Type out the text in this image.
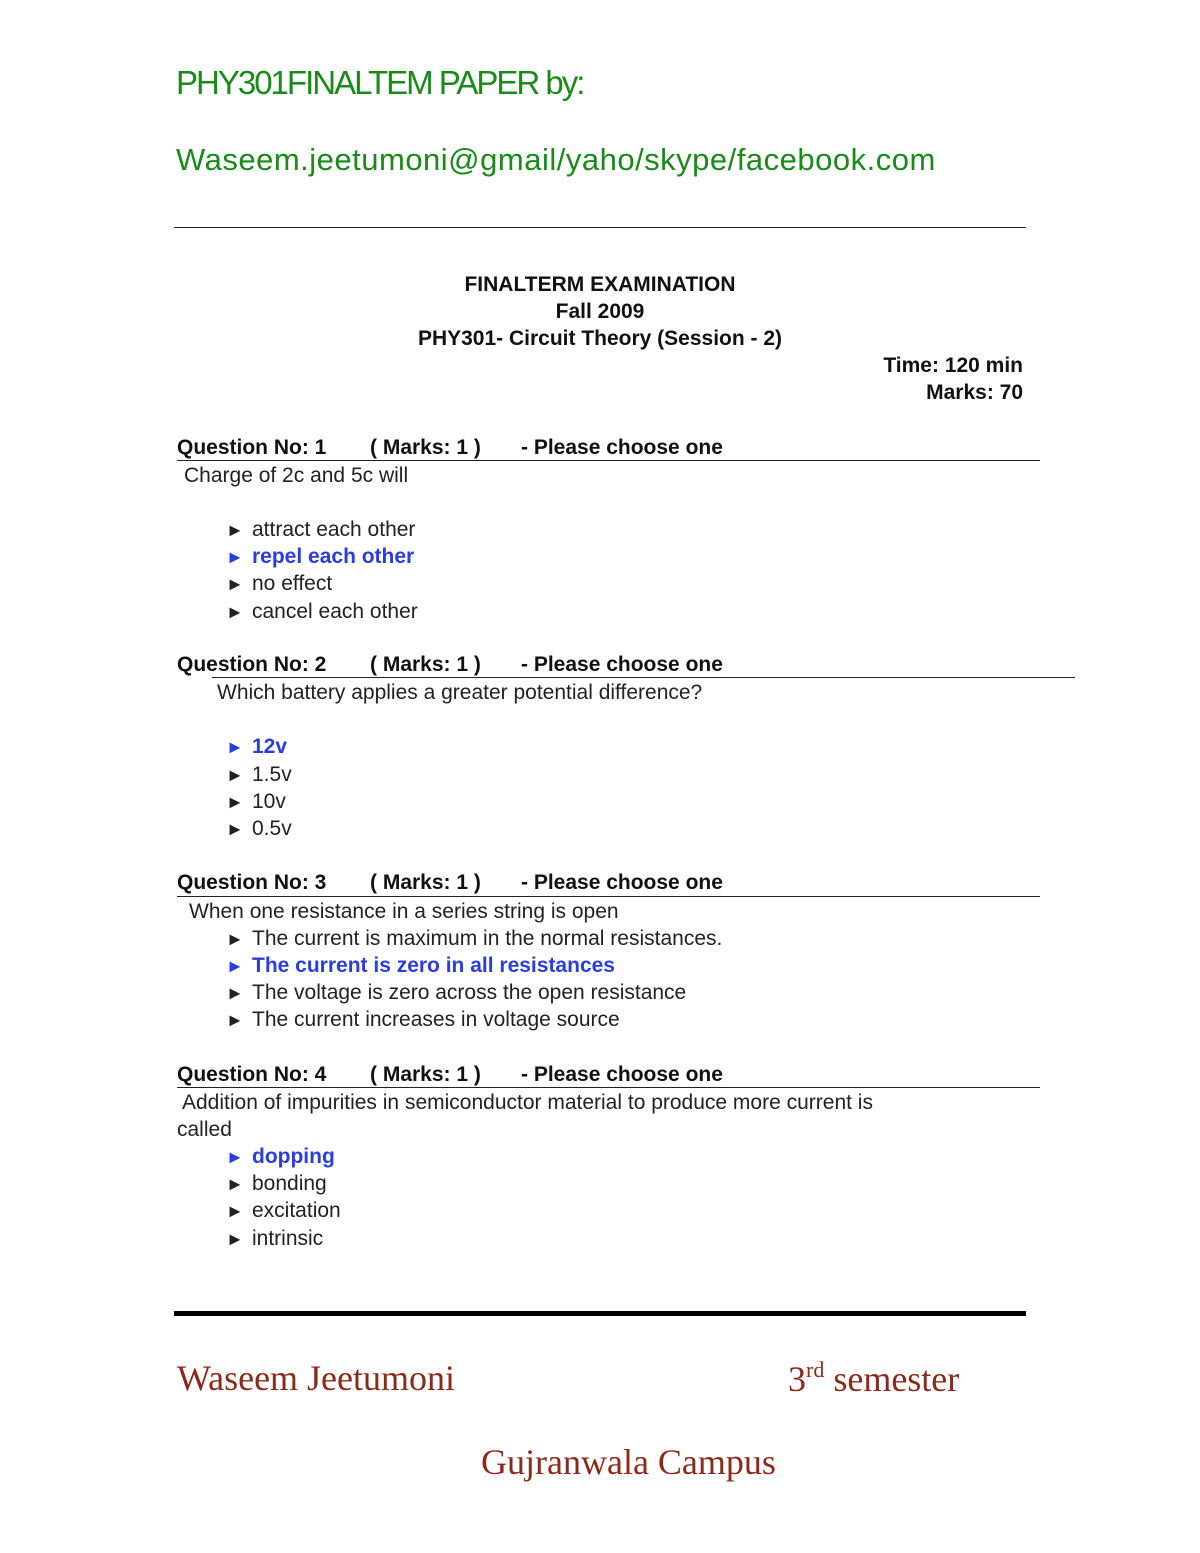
PHY301FINALTEM PAPER by:
Waseem.jeetumoni@gmail/yaho/skype/facebook.com
FINALTERM EXAMINATION
Fall 2009
PHY301- Circuit Theory (Session - 2)
Time: 120 min
Marks: 70
Question No: 1 ( Marks: 1 ) - Please choose one
Charge of 2c and 5c will
► attract each other
► repel each other
► no effect
► cancel each other
Question No: 2 ( Marks: 1 ) - Please choose one
Which battery applies a greater potential difference?
► 12v
► 1.5v
► 10v
► 0.5v
Question No: 3 ( Marks: 1 ) - Please choose one
When one resistance in a series string is open
► The current is maximum in the normal resistances.
► The current is zero in all resistances
► The voltage is zero across the open resistance
► The current increases in voltage source
Question No: 4 ( Marks: 1 ) - Please choose one
Addition of impurities in semiconductor material to produce more current is
called
► dopping
► bonding
► excitation
► intrinsic
Waseem Jeetumoni	3rd semester
Gujranwala Campus
